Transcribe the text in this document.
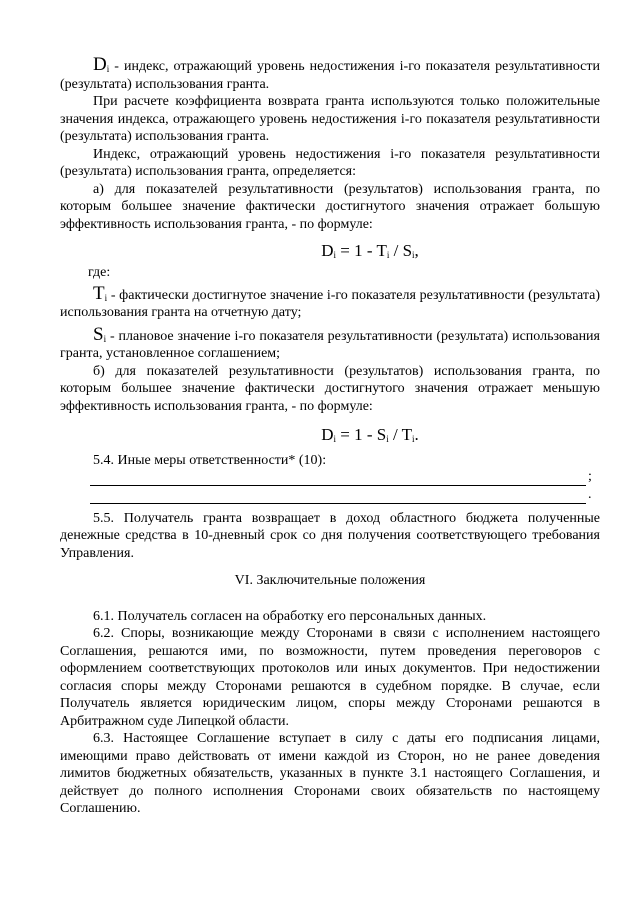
$D_i$ - индекс, отражающий уровень недостижения i-го показателя результативности (результата) использования гранта.

При расчете коэффициента возврата гранта используются только положительные значения индекса, отражающего уровень недостижения i-го показателя результативности (результата) использования гранта.

Индекс, отражающий уровень недостижения i-го показателя результативности (результата) использования гранта, определяется:

а) для показателей результативности (результатов) использования гранта, по которым большее значение фактически достигнутого значения отражает большую эффективность использования гранта, - по формуле:

$D_i = 1 - T_i / S_i$,

где:

$T_i$ - фактически достигнутое значение i-го показателя результативности (результата) использования гранта на отчетную дату;

$S_i$ - плановое значение i-го показателя результативности (результата) использования гранта, установленное соглашением;

б) для показателей результативности (результатов) использования гранта, по которым большее значение фактически достигнутого значения отражает меньшую эффективность использования гранта, - по формуле:

$D_i = 1 - S_i / T_i$.

5.4. Иные меры ответственности* (10):

;
.

5.5. Получатель гранта возвращает в доход областного бюджета полученные денежные средства в 10-дневный срок со дня получения соответствующего требования Управления.

VI. Заключительные положения

6.1. Получатель согласен на обработку его персональных данных.

6.2. Споры, возникающие между Сторонами в связи с исполнением настоящего Соглашения, решаются ими, по возможности, путем проведения переговоров с оформлением соответствующих протоколов или иных документов. При недостижении согласия споры между Сторонами решаются в судебном порядке. В случае, если Получатель является юридическим лицом, споры между Сторонами решаются в Арбитражном суде Липецкой области.

6.3. Настоящее Соглашение вступает в силу с даты его подписания лицами, имеющими право действовать от имени каждой из Сторон, но не ранее доведения лимитов бюджетных обязательств, указанных в пункте 3.1 настоящего Соглашения, и действует до полного исполнения Сторонами своих обязательств по настоящему Соглашению.
